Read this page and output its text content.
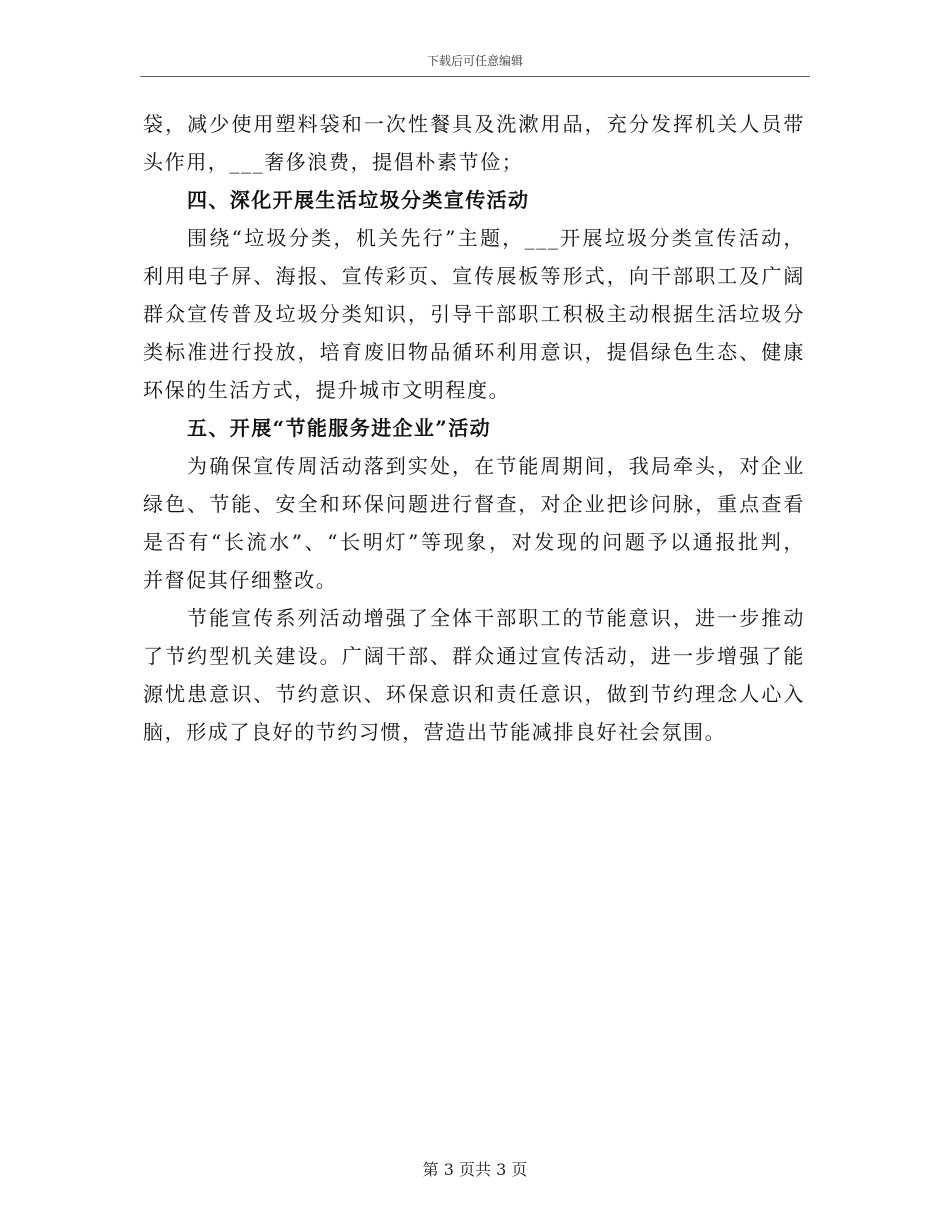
下载后可任意编辑
袋，减少使用塑料袋和一次性餐具及洗漱用品，充分发挥机关人员带
头作用，___奢侈浪费，提倡朴素节俭；
四、深化开展生活垃圾分类宣传活动
围绕“垃圾分类，机关先行”主题，___开展垃圾分类宣传活动，
利用电子屏、海报、宣传彩页、宣传展板等形式，向干部职工及广阔
群众宣传普及垃圾分类知识，引导干部职工积极主动根据生活垃圾分
类标准进行投放，培育废旧物品循环利用意识，提倡绿色生态、健康
环保的生活方式，提升城市文明程度。
五、开展“节能服务进企业”活动
为确保宣传周活动落到实处，在节能周期间，我局牵头，对企业
绿色、节能、安全和环保问题进行督查，对企业把诊问脉，重点查看
是否有“长流水”、“长明灯”等现象，对发现的问题予以通报批判，
并督促其仔细整改。
节能宣传系列活动增强了全体干部职工的节能意识，进一步推动
了节约型机关建设。广阔干部、群众通过宣传活动，进一步增强了能
源忧患意识、节约意识、环保意识和责任意识，做到节约理念人心入
脑，形成了良好的节约习惯，营造出节能减排良好社会氛围。
第 3 页共 3 页
